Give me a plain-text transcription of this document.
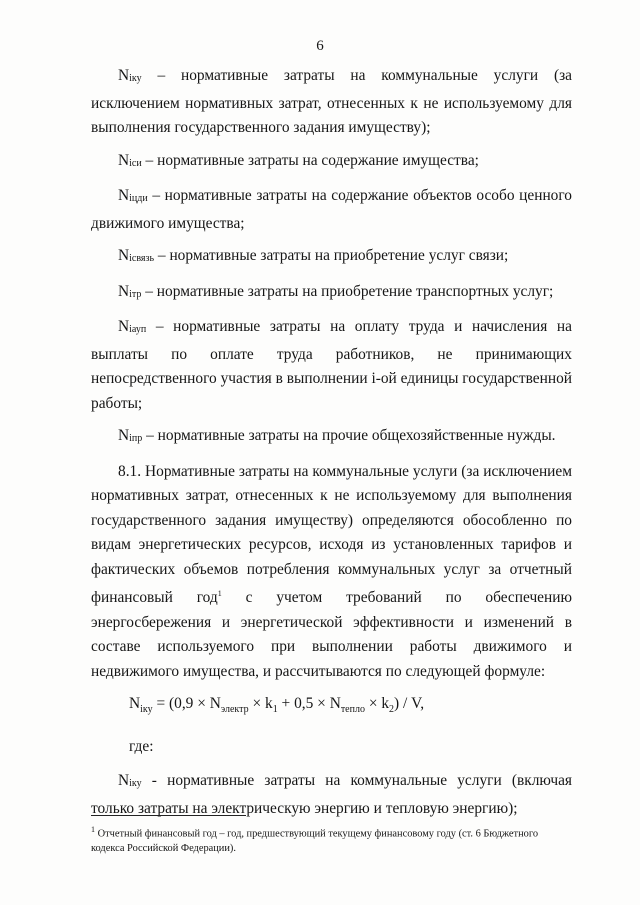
6

$N_{iку}$ – нормативные затраты на коммунальные услуги (за исключением нормативных затрат, отнесенных к не используемому для выполнения государственного задания имуществу);

$N_{iси}$ – нормативные затраты на содержание имущества;

$N_{iцди}$ – нормативные затраты на содержание объектов особо ценного движимого имущества;

$N_{iсвязь}$ – нормативные затраты на приобретение услуг связи;

$N_{iтр}$ – нормативные затраты на приобретение транспортных услуг;

$N_{iауп}$ – нормативные затраты на оплату труда и начисления на выплаты по оплате труда работников, не принимающих непосредственного участия в выполнении i-ой единицы государственной работы;

$N_{iпр}$ – нормативные затраты на прочие общехозяйственные нужды.

8.1. Нормативные затраты на коммунальные услуги (за исключением нормативных затрат, отнесенных к не используемому для выполнения государственного задания имуществу) определяются обособленно по видам энергетических ресурсов, исходя из установленных тарифов и фактических объемов потребления коммунальных услуг за отчетный финансовый год$^1$ с учетом требований по обеспечению энергосбережения и энергетической эффективности и изменений в составе используемого при выполнении работы движимого и недвижимого имущества, и рассчитываются по следующей формуле:

$N_{iку} = (0,9 \times N_{электр} \times k_1 + 0,5 \times N_{тепло} \times k_2) / V$,

где:

$N_{iку}$ - нормативные затраты на коммунальные услуги (включая только затраты на электрическую энергию и тепловую энергию);

$^1$ Отчетный финансовый год – год, предшествующий текущему финансовому году (ст. 6 Бюджетного кодекса Российской Федерации).
